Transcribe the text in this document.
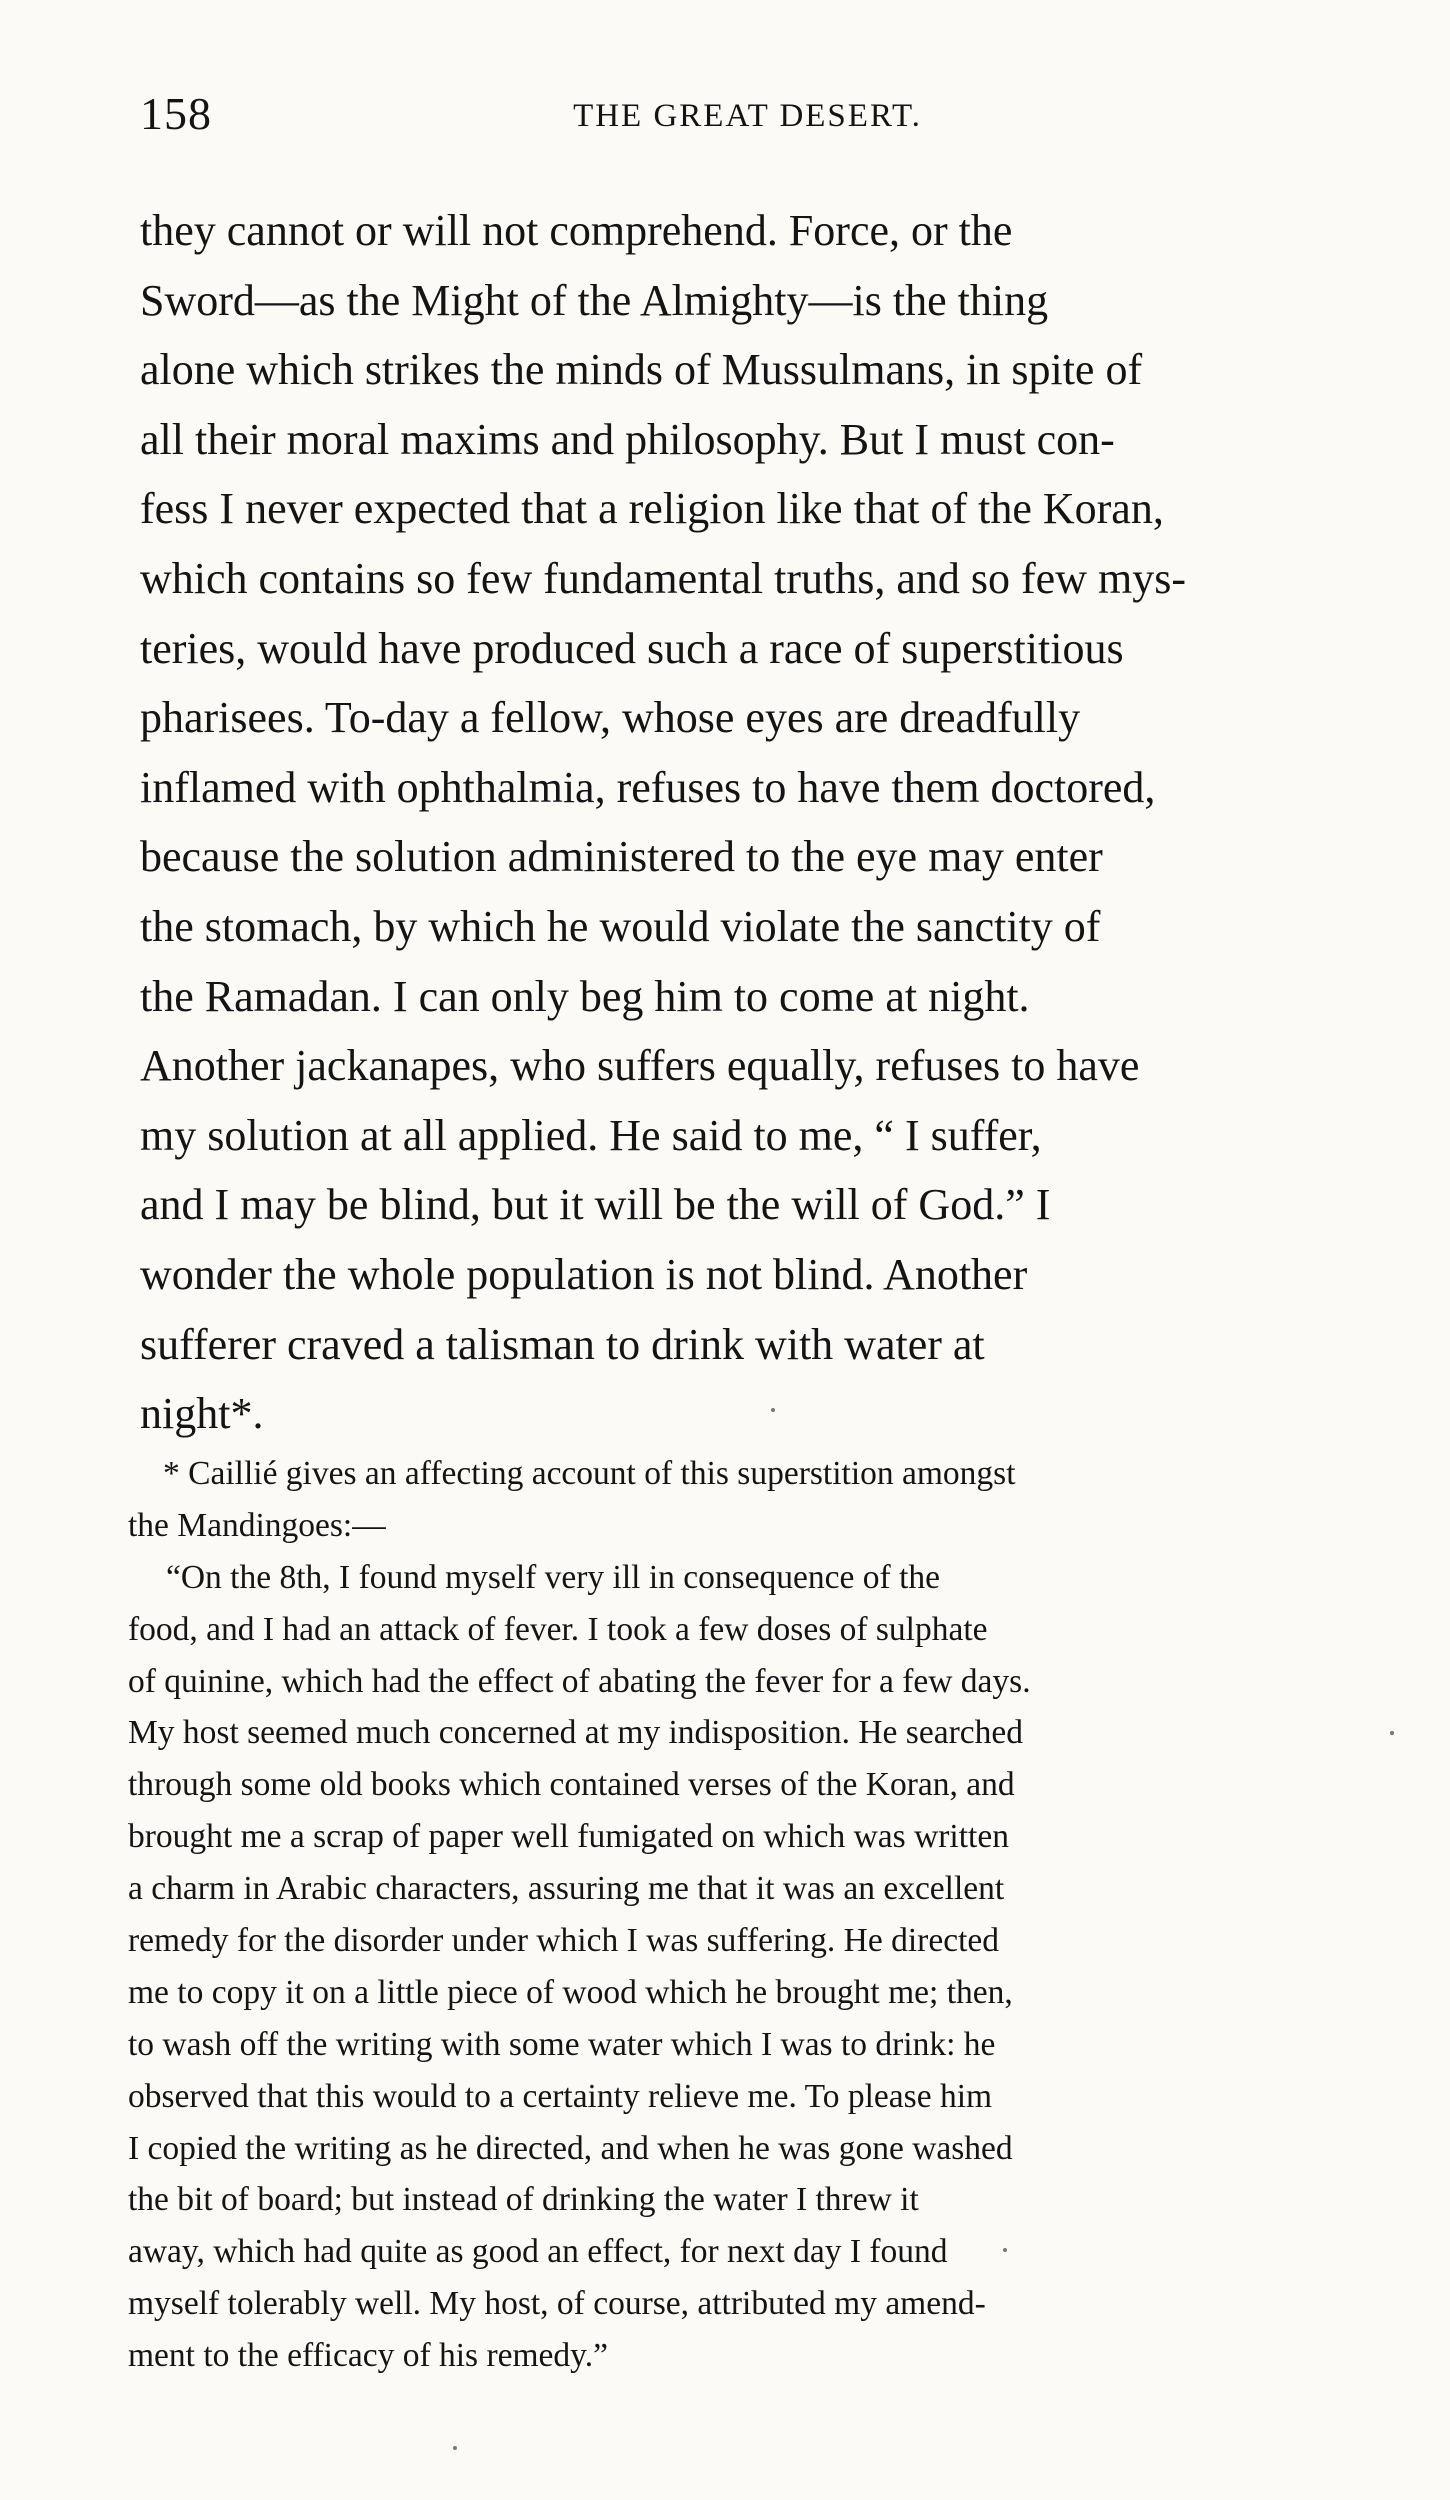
158	THE GREAT DESERT.
they cannot or will not comprehend. Force, or the
Sword—as the Might of the Almighty—is the thing
alone which strikes the minds of Mussulmans, in spite of
all their moral maxims and philosophy. But I must con-
fess I never expected that a religion like that of the Koran,
which contains so few fundamental truths, and so few mys-
teries, would have produced such a race of superstitious
pharisees. To-day a fellow, whose eyes are dreadfully
inflamed with ophthalmia, refuses to have them doctored,
because the solution administered to the eye may enter
the stomach, by which he would violate the sanctity of
the Ramadan. I can only beg him to come at night.
Another jackanapes, who suffers equally, refuses to have
my solution at all applied. He said to me, “ I suffer,
and I may be blind, but it will be the will of God.” I
wonder the whole population is not blind. Another
sufferer craved a talisman to drink with water at
night*.
* Caillié gives an affecting account of this superstition amongst
the Mandingoes:—
“On the 8th, I found myself very ill in consequence of the
food, and I had an attack of fever. I took a few doses of sulphate
of quinine, which had the effect of abating the fever for a few days.
My host seemed much concerned at my indisposition. He searched
through some old books which contained verses of the Koran, and
brought me a scrap of paper well fumigated on which was written
a charm in Arabic characters, assuring me that it was an excellent
remedy for the disorder under which I was suffering. He directed
me to copy it on a little piece of wood which he brought me; then,
to wash off the writing with some water which I was to drink: he
observed that this would to a certainty relieve me. To please him
I copied the writing as he directed, and when he was gone washed
the bit of board; but instead of drinking the water I threw it
away, which had quite as good an effect, for next day I found
myself tolerably well. My host, of course, attributed my amend-
ment to the efficacy of his remedy.”
